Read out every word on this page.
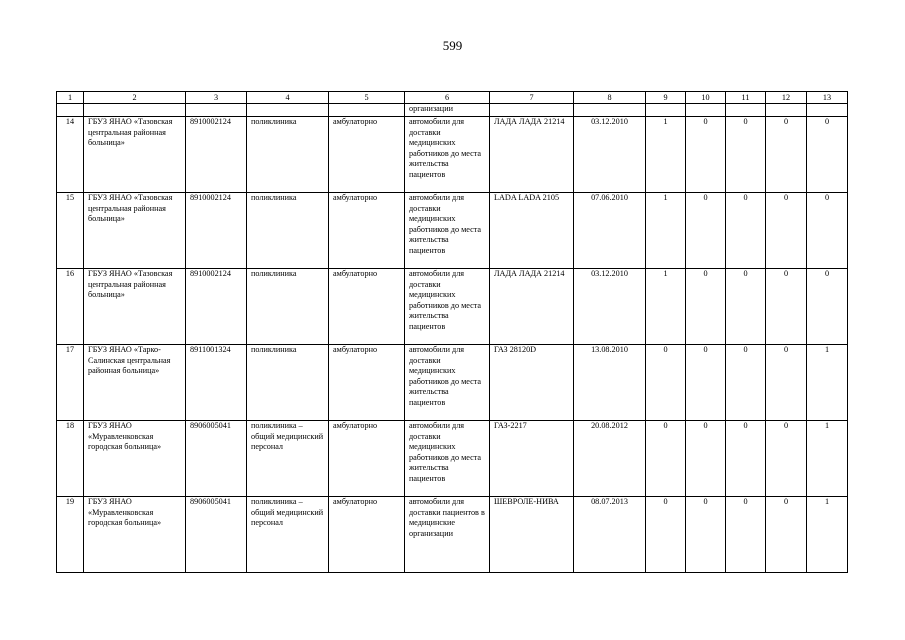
599
1	2	3	4	5	6	7	8	9	10	11	12	13
					организации							
14	ГБУЗ ЯНАО «Тазовская центральная районная больница»	8910002124	поликлиника	амбулаторно	автомобили для доставки медицинских работников до места жительства пациентов	ЛАДА ЛАДА 21214	03.12.2010	1	0	0	0	0
15	ГБУЗ ЯНАО «Тазовская центральная районная больница»	8910002124	поликлиника	амбулаторно	автомобили для доставки медицинских работников до места жительства пациентов	LADA LADA 2105	07.06.2010	1	0	0	0	0
16	ГБУЗ ЯНАО «Тазовская центральная районная больница»	8910002124	поликлиника	амбулаторно	автомобили для доставки медицинских работников до места жительства пациентов	ЛАДА ЛАДА 21214	03.12.2010	1	0	0	0	0
17	ГБУЗ ЯНАО «Тарко-Салинская центральная районная больница»	8911001324	поликлиника	амбулаторно	автомобили для доставки медицинских работников до места жительства пациентов	ГАЗ 28120D	13.08.2010	0	0	0	0	1
18	ГБУЗ ЯНАО «Муравленковская городская больница»	8906005041	поликлиника – общий медицинский персонал	амбулаторно	автомобили для доставки медицинских работников до места жительства пациентов	ГАЗ-2217	20.08.2012	0	0	0	0	1
19	ГБУЗ ЯНАО «Муравленковская городская больница»	8906005041	поликлиника – общий медицинский персонал	амбулаторно	автомобили для доставки пациентов в медицинские организации	ШЕВРОЛЕ-НИВА	08.07.2013	0	0	0	0	1
